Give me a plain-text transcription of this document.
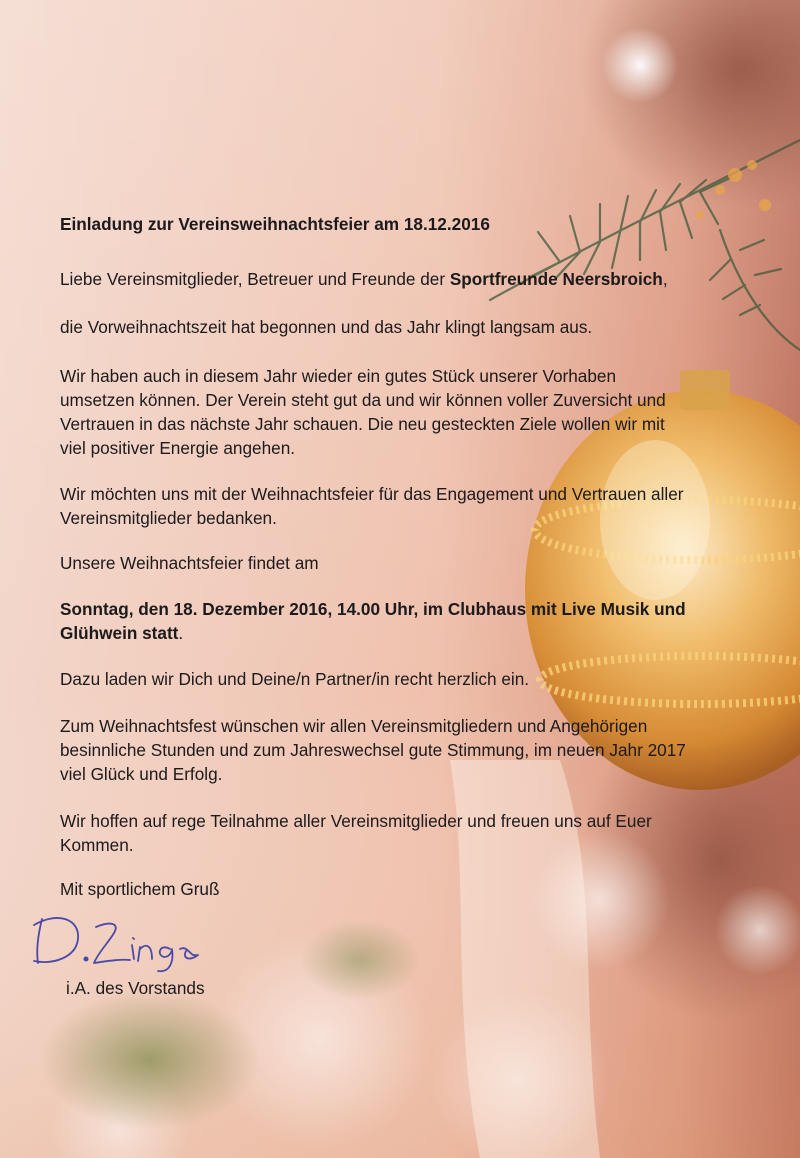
Einladung zur Vereinsweihnachtsfeier am 18.12.2016

Liebe Vereinsmitglieder, Betreuer und Freunde der Sportfreunde Neersbroich,

die Vorweihnachtszeit hat begonnen und das Jahr klingt langsam aus.

Wir haben auch in diesem Jahr wieder ein gutes Stück unserer Vorhaben
umsetzen können. Der Verein steht gut da und wir können voller Zuversicht und
Vertrauen in das nächste Jahr schauen. Die neu gesteckten Ziele wollen wir mit
viel positiver Energie angehen.

Wir möchten uns mit der Weihnachtsfeier für das Engagement und Vertrauen aller
Vereinsmitglieder bedanken.

Unsere Weihnachtsfeier findet am

Sonntag, den 18. Dezember 2016, 14.00 Uhr, im Clubhaus mit Live Musik und
Glühwein statt.

Dazu laden wir Dich und Deine/n Partner/in recht herzlich ein.

Zum Weihnachtsfest wünschen wir allen Vereinsmitgliedern und Angehörigen
besinnliche Stunden und zum Jahreswechsel gute Stimmung, im neuen Jahr 2017
viel Glück und Erfolg.

Wir hoffen auf rege Teilnahme aller Vereinsmitglieder und freuen uns auf Euer
Kommen.

Mit sportlichem Gruß

i.A. des Vorstands
